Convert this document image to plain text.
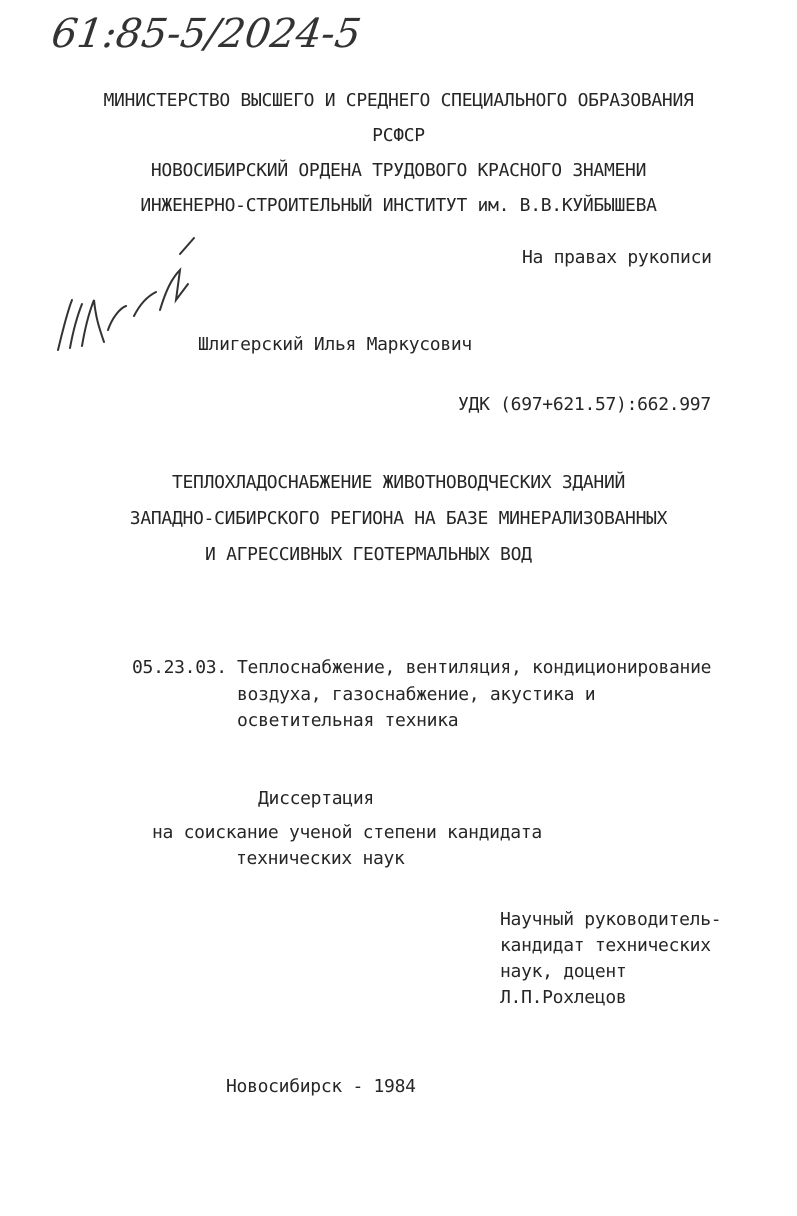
61:85-5/2024-5
МИНИСТЕРСТВО ВЫСШЕГО И СРЕДНЕГО СПЕЦИАЛЬНОГО ОБРАЗОВАНИЯ
РСФСР
НОВОСИБИРСКИЙ ОРДЕНА ТРУДОВОГО КРАСНОГО ЗНАМЕНИ
ИНЖЕНЕРНО-СТРОИТЕЛЬНЫЙ ИНСТИТУТ им. В.В.КУЙБЫШЕВА
На правах рукописи
Шлигерский Илья Маркусович
УДК (697+621.57):662.997
ТЕПЛОХЛАДОСНАБЖЕНИЕ ЖИВОТНОВОДЧЕСКИХ ЗДАНИЙ
ЗАПАДНО-СИБИРСКОГО РЕГИОНА НА БАЗЕ МИНЕРАЛИЗОВАННЫХ
И АГРЕССИВНЫХ ГЕОТЕРМАЛЬНЫХ ВОД
05.23.03. Теплоснабжение, вентиляция, кондиционирование
воздуха, газоснабжение, акустика и
осветительная техника
Диссертация
на соискание ученой степени кандидата
технических наук
Научный руководитель-
кандидат технических
наук, доцент
Л.П.Рохлецов
Новосибирск - 1984
